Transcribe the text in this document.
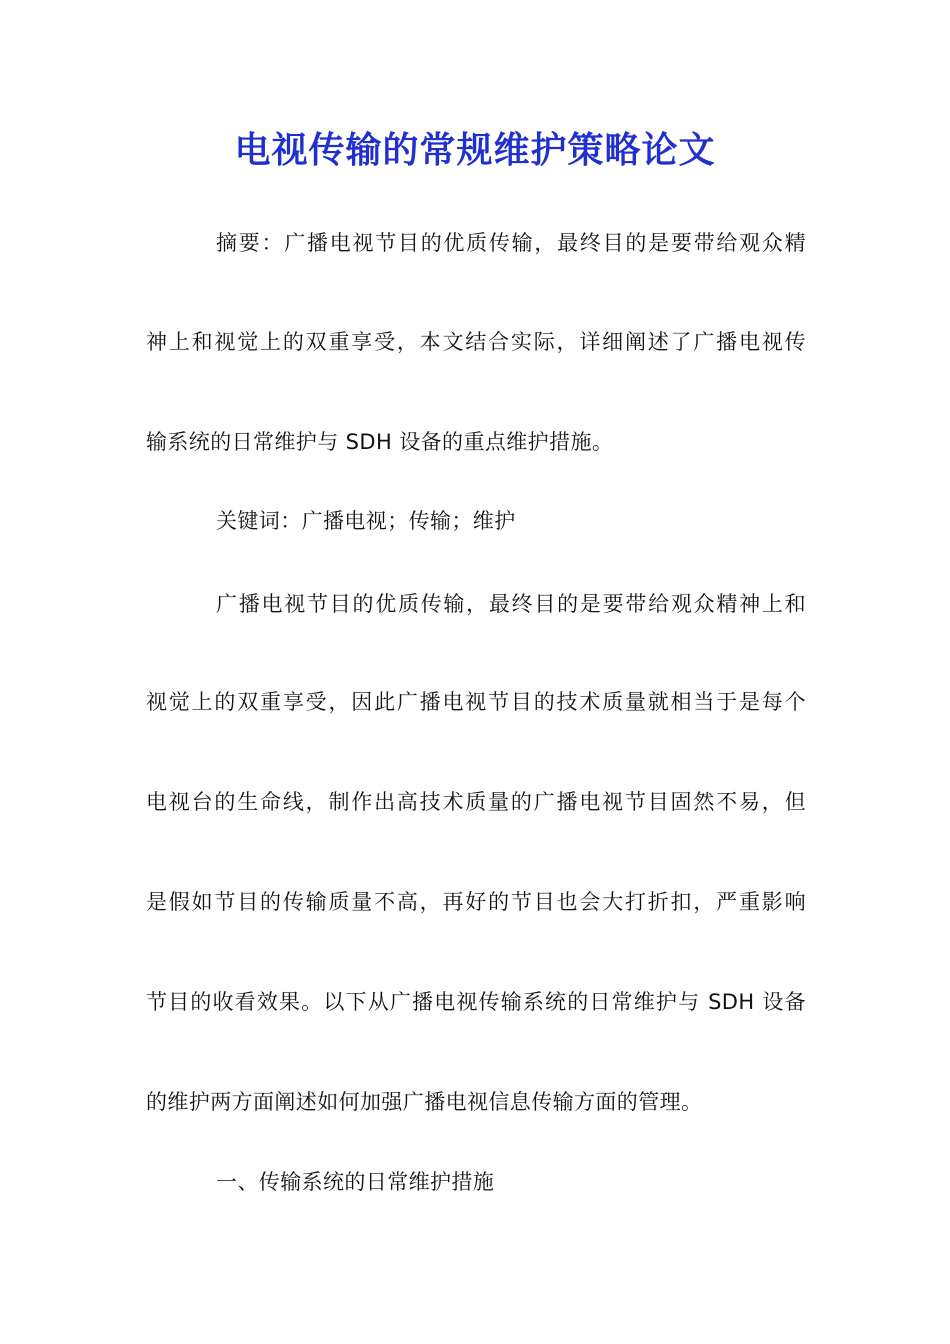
电视传输的常规维护策略论文
摘要：广播电视节目的优质传输，最终目的是要带给观众精
神上和视觉上的双重享受，本文结合实际，详细阐述了广播电视传
输系统的日常维护与 SDH 设备的重点维护措施。
关键词：广播电视；传输；维护
广播电视节目的优质传输，最终目的是要带给观众精神上和
视觉上的双重享受，因此广播电视节目的技术质量就相当于是每个
电视台的生命线，制作出高技术质量的广播电视节目固然不易，但
是假如节目的传输质量不高，再好的节目也会大打折扣，严重影响
节目的收看效果。以下从广播电视传输系统的日常维护与 SDH 设备
的维护两方面阐述如何加强广播电视信息传输方面的管理。
一、传输系统的日常维护措施
